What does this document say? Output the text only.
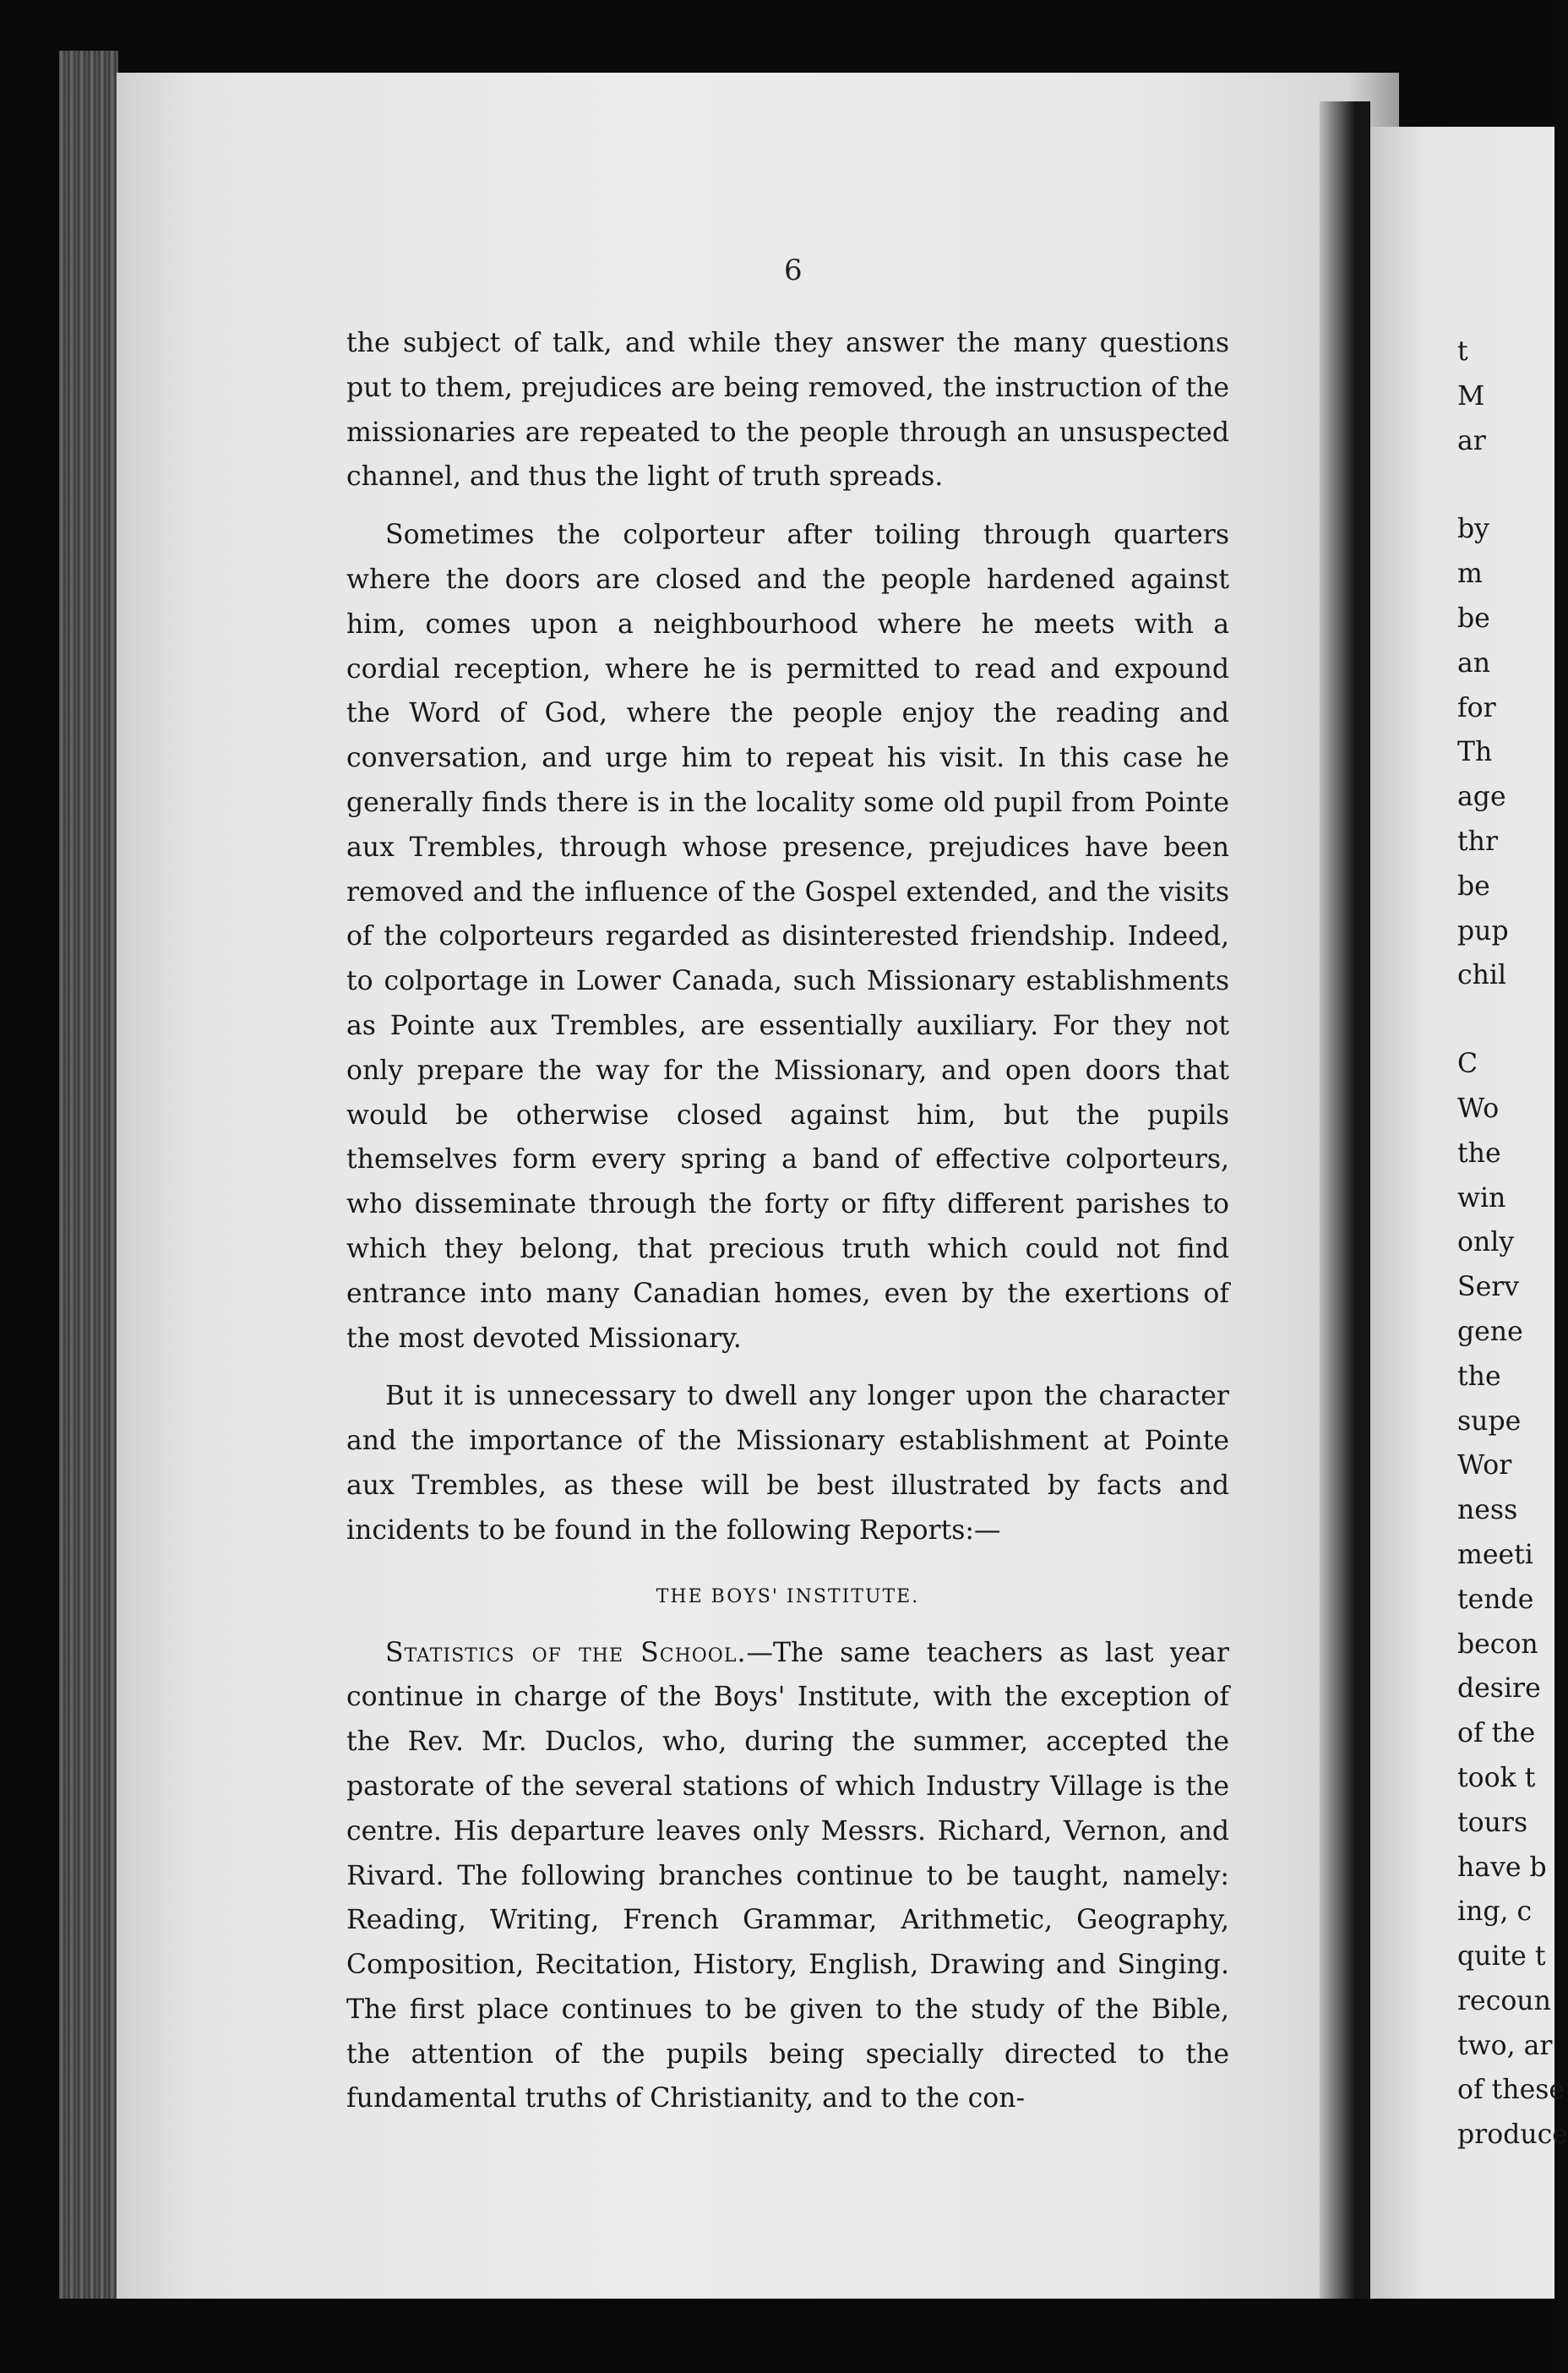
6

the subject of talk, and while they answer the many questions put to them, prejudices are being removed, the instruction of the missionaries are repeated to the people through an unsuspected channel, and thus the light of truth spreads.

Sometimes the colporteur after toiling through quarters where the doors are closed and the people hardened against him, comes upon a neighbourhood where he meets with a cordial reception, where he is permitted to read and expound the Word of God, where the people enjoy the reading and conversation, and urge him to repeat his visit. In this case he generally finds there is in the locality some old pupil from Pointe aux Trembles, through whose presence, prejudices have been removed and the influence of the Gospel extended, and the visits of the colporteurs regarded as disinterested friendship. Indeed, to colportage in Lower Canada, such Missionary establishments as Pointe aux Trembles, are essentially auxiliary. For they not only prepare the way for the Missionary, and open doors that would be otherwise closed against him, but the pupils themselves form every spring a band of effective colporteurs, who disseminate through the forty or fifty different parishes to which they belong, that precious truth which could not find entrance into many Canadian homes, even by the exertions of the most devoted Missionary.

But it is unnecessary to dwell any longer upon the character and the importance of the Missionary establishment at Pointe aux Trembles, as these will be best illustrated by facts and incidents to be found in the following Reports:—

THE BOYS' INSTITUTE.

Statistics of the School.—The same teachers as last year continue in charge of the Boys' Institute, with the exception of the Rev. Mr. Duclos, who, during the summer, accepted the pastorate of the several stations of which Industry Village is the centre. His departure leaves only Messrs. Richard, Vernon, and Rivard. The following branches continue to be taught, namely: Reading, Writing, French Grammar, Arithmetic, Geography, Composition, Recitation, History, English, Drawing and Singing. The first place continues to be given to the study of the Bible, the attention of the pupils being specially directed to the fundamental truths of Christianity, and to the con-

t
M
ar
by
m
be
an
for
Th
age
thr
be
pup
chil
C
Wo
the
win
only
Serv
gene
the
supe
Wor
ness
meeti
tende
becon
desire
of the
took t
tours
have b
ing, c
quite t
recoun
two, ar
of these
produce
